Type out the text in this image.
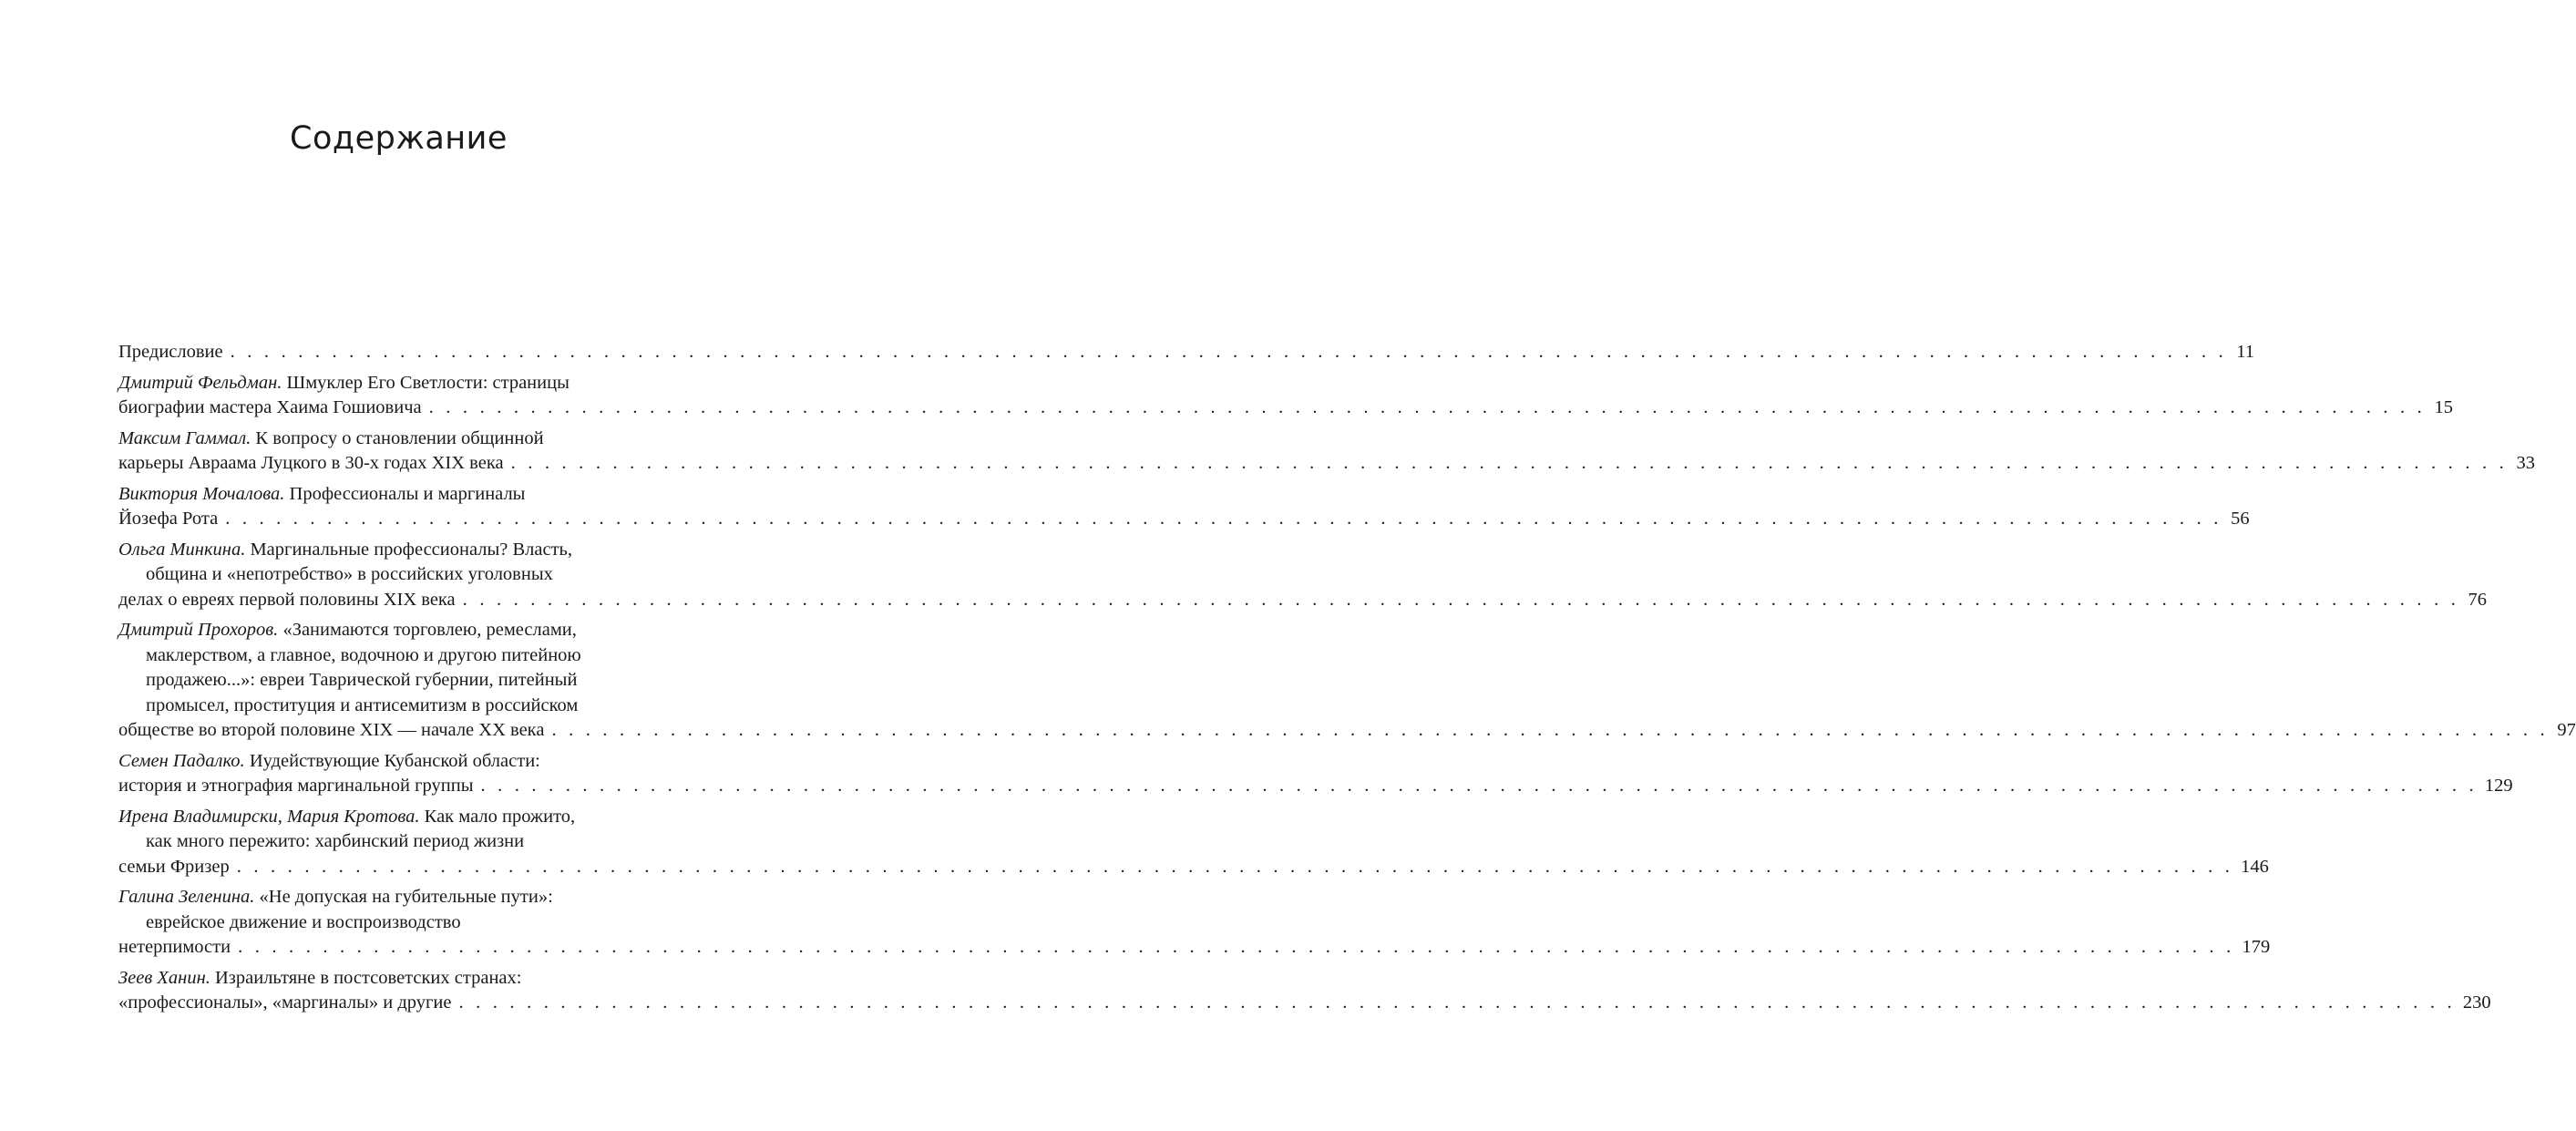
Содержание
Предисловие . . . . . . . . . . . . . . . . . . . . . . . . . . . . . . . . . . . . . . . . . . . . . . . . . . . . . . . . . . . . . . . . . . . . . . . . . . . . . . . . . . . . . . . . . . . . . . . . . . . . . . . . . . . . . . . . . . . . . . 11
Дмитрий Фельдман. Шмуклер Его Светлости: страницы
биографии мастера Хаима Гошиовича . . . . . . . . . . . . . . . . . . . . . . . . . . . . . . . . . . . . . . . . . . . . . . . . . . . . . . . . . . . . . . . . . . . . . . . . . . . . . . . . . . . . . . . . . . . . . . . . . . . . . . . . . . . . . . . . . . . . . . 15
Максим Гаммал. К вопросу о становлении общинной
карьеры Авраама Луцкого в 30-х годах XIX века . . . . . . . . . . . . . . . . . . . . . . . . . . . . . . . . . . . . . . . . . . . . . . . . . . . . . . . . . . . . . . . . . . . . . . . . . . . . . . . . . . . . . . . . . . . . . . . . . . . . . . . . . . . . . . . . . . . . . . 33
Виктория Мочалова. Профессионалы и маргиналы
Йозефа Рота . . . . . . . . . . . . . . . . . . . . . . . . . . . . . . . . . . . . . . . . . . . . . . . . . . . . . . . . . . . . . . . . . . . . . . . . . . . . . . . . . . . . . . . . . . . . . . . . . . . . . . . . . . . . . . . . . . . . . . 56
Ольга Минкина. Маргинальные профессионалы? Власть,
община и «непотребство» в российских уголовных
делах о евреях первой половины XIX века . . . . . . . . . . . . . . . . . . . . . . . . . . . . . . . . . . . . . . . . . . . . . . . . . . . . . . . . . . . . . . . . . . . . . . . . . . . . . . . . . . . . . . . . . . . . . . . . . . . . . . . . . . . . . . . . . . . . . . 76
Дмитрий Прохоров. «Занимаются торговлею, ремеслами,
маклерством, а главное, водочною и другою питейною
продажею...»: евреи Таврической губернии, питейный
промысел, проституция и антисемитизм в российском
обществе во второй половине XIX — начале XX века . . . . . . . . . . . . . . . . . . . . . . . . . . . . . . . . . . . . . . . . . . . . . . . . . . . . . . . . . . . . . . . . . . . . . . . . . . . . . . . . . . . . . . . . . . . . . . . . . . . . . . . . . . . . . . . . . . . . . . 97
Семен Падалко. Иудействующие Кубанской области:
история и этнография маргинальной группы . . . . . . . . . . . . . . . . . . . . . . . . . . . . . . . . . . . . . . . . . . . . . . . . . . . . . . . . . . . . . . . . . . . . . . . . . . . . . . . . . . . . . . . . . . . . . . . . . . . . . . . . . . . . . . . . . . . . . . 129
Ирена Владимирски, Мария Кротова. Как мало прожито,
как много пережито: харбинский период жизни
семьи Фризер . . . . . . . . . . . . . . . . . . . . . . . . . . . . . . . . . . . . . . . . . . . . . . . . . . . . . . . . . . . . . . . . . . . . . . . . . . . . . . . . . . . . . . . . . . . . . . . . . . . . . . . . . . . . . . . . . . . . . . 146
Галина Зеленина. «Не допуская на губительные пути»:
еврейское движение и воспроизводство
нетерпимости . . . . . . . . . . . . . . . . . . . . . . . . . . . . . . . . . . . . . . . . . . . . . . . . . . . . . . . . . . . . . . . . . . . . . . . . . . . . . . . . . . . . . . . . . . . . . . . . . . . . . . . . . . . . . . . . . . . . . . 179
Зеев Ханин. Израильтяне в постсоветских странах:
«профессионалы», «маргиналы» и другие . . . . . . . . . . . . . . . . . . . . . . . . . . . . . . . . . . . . . . . . . . . . . . . . . . . . . . . . . . . . . . . . . . . . . . . . . . . . . . . . . . . . . . . . . . . . . . . . . . . . . . . . . . . . . . . . . . . . . . 230
